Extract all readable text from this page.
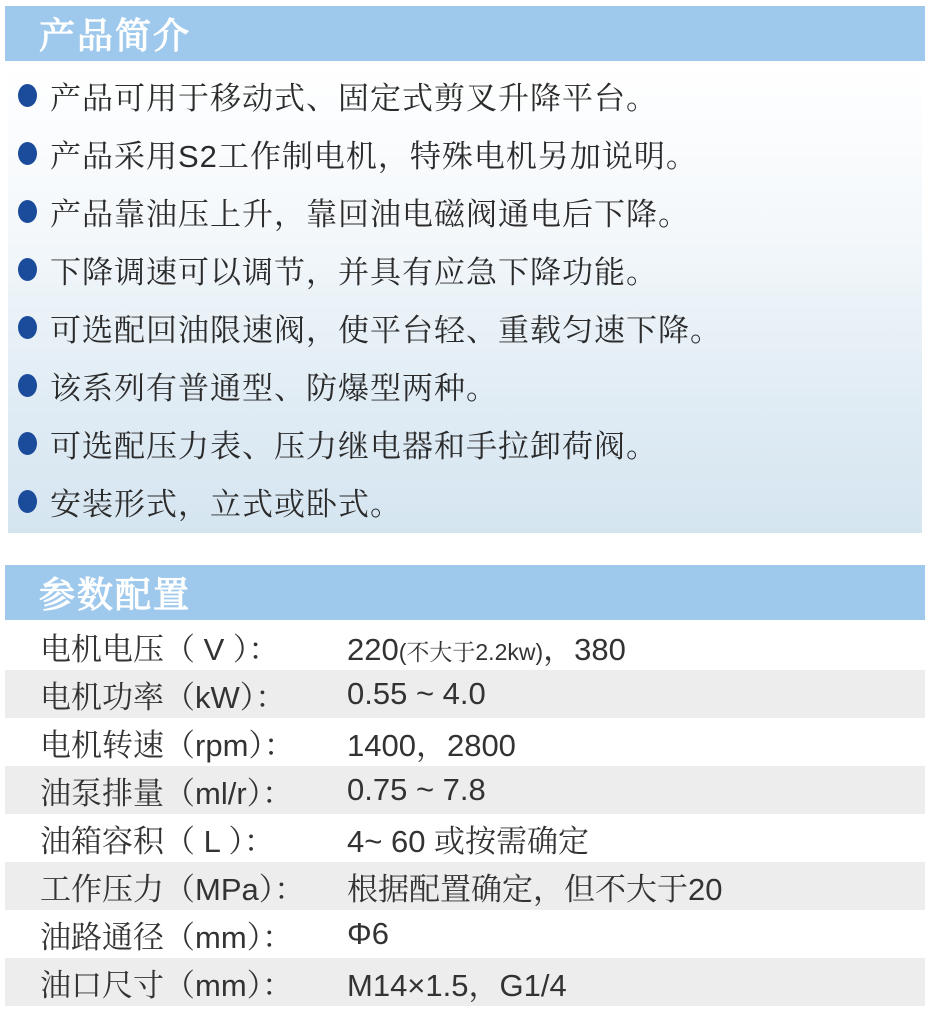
产品简介
产品可用于移动式、固定式剪叉升降平台。
产品采用S2工作制电机，特殊电机另加说明。
产品靠油压上升，靠回油电磁阀通电后下降。
下降调速可以调节，并具有应急下降功能。
可选配回油限速阀，使平台轻、重载匀速下降。
该系列有普通型、防爆型两种。
可选配压力表、压力继电器和手拉卸荷阀。
安装形式，立式或卧式。
参数配置
电机电压（ V ）：	220(不大于2.2kw)，380
电机功率（kW）：	0.55 ~ 4.0
电机转速（rpm）：	1400，2800
油泵排量（ml/r）：	0.75 ~ 7.8
油箱容积（ L ）：	4~ 60 或按需确定
工作压力（MPa）：	根据配置确定，但不大于20
油路通径（mm）：	Φ6
油口尺寸（mm）：	M14×1.5，G1/4
